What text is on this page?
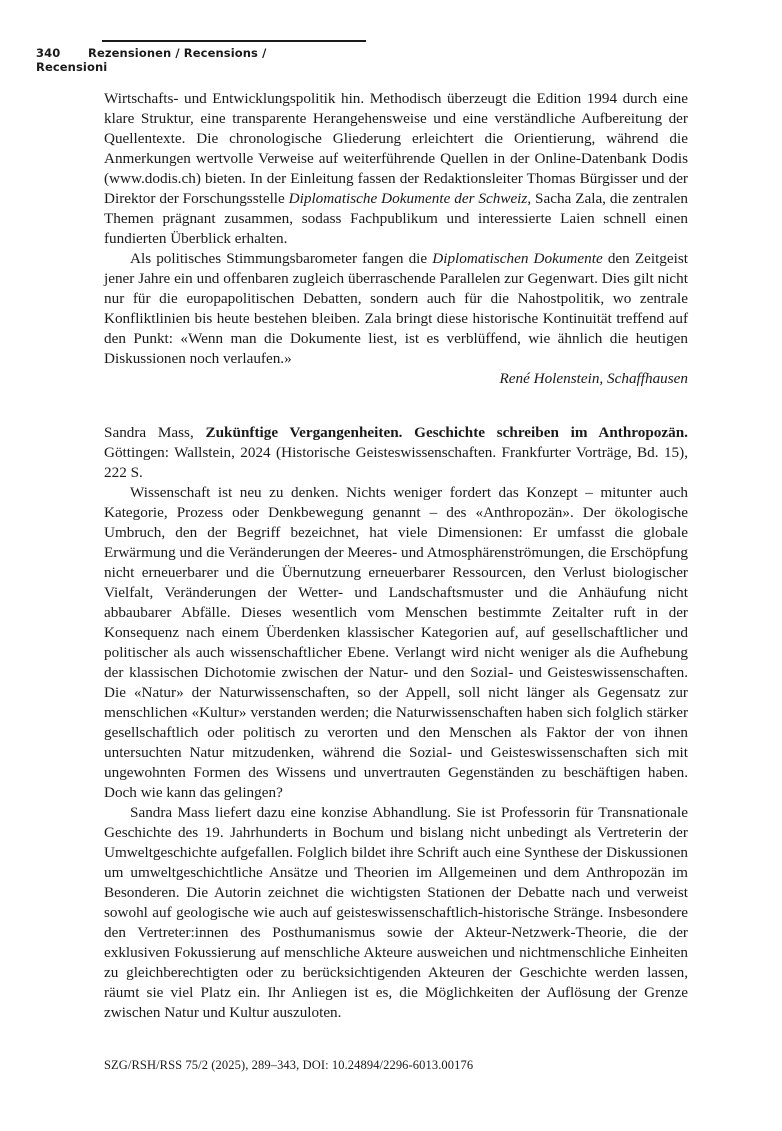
340 Rezensionen / Recensions / Recensioni

Wirtschafts- und Entwicklungspolitik hin. Methodisch überzeugt die Edition 1994 durch eine klare Struktur, eine transparente Herangehensweise und eine verständliche Aufbereitung der Quellentexte. Die chronologische Gliederung erleichtert die Orientierung, während die Anmerkungen wertvolle Verweise auf weiterführende Quellen in der Online-Datenbank Dodis (www.dodis.ch) bieten. In der Einleitung fassen der Redaktionsleiter Thomas Bürgisser und der Direktor der Forschungsstelle Diplomatische Dokumente der Schweiz, Sacha Zala, die zentralen Themen prägnant zusammen, sodass Fachpublikum und interessierte Laien schnell einen fundierten Überblick erhalten.

Als politisches Stimmungsbarometer fangen die Diplomatischen Dokumente den Zeitgeist jener Jahre ein und offenbaren zugleich überraschende Parallelen zur Gegenwart. Dies gilt nicht nur für die europapolitischen Debatten, sondern auch für die Nahostpolitik, wo zentrale Konfliktlinien bis heute bestehen bleiben. Zala bringt diese historische Kontinuität treffend auf den Punkt: «Wenn man die Dokumente liest, ist es verblüffend, wie ähnlich die heutigen Diskussionen noch verlaufen.»

René Holenstein, Schaffhausen

Sandra Mass, Zukünftige Vergangenheiten. Geschichte schreiben im Anthropozän. Göttingen: Wallstein, 2024 (Historische Geisteswissenschaften. Frankfurter Vorträge, Bd. 15), 222 S.

Wissenschaft ist neu zu denken. Nichts weniger fordert das Konzept – mitunter auch Kategorie, Prozess oder Denkbewegung genannt – des «Anthropozän». Der ökologische Umbruch, den der Begriff bezeichnet, hat viele Dimensionen: Er umfasst die globale Erwärmung und die Veränderungen der Meeres- und Atmosphärenströmungen, die Erschöpfung nicht erneuerbarer und die Übernutzung erneuerbarer Ressourcen, den Verlust biologischer Vielfalt, Veränderungen der Wetter- und Landschaftsmuster und die Anhäufung nicht abbaubarer Abfälle. Dieses wesentlich vom Menschen bestimmte Zeitalter ruft in der Konsequenz nach einem Überdenken klassischer Kategorien auf, auf gesellschaftlicher und politischer als auch wissenschaftlicher Ebene. Verlangt wird nicht weniger als die Aufhebung der klassischen Dichotomie zwischen der Natur- und den Sozial- und Geisteswissenschaften. Die «Natur» der Naturwissenschaften, so der Appell, soll nicht länger als Gegensatz zur menschlichen «Kultur» verstanden werden; die Naturwissenschaften haben sich folglich stärker gesellschaftlich oder politisch zu verorten und den Menschen als Faktor der von ihnen untersuchten Natur mitzudenken, während die Sozial- und Geisteswissenschaften sich mit ungewohnten Formen des Wissens und unvertrauten Gegenständen zu beschäftigen haben. Doch wie kann das gelingen?

Sandra Mass liefert dazu eine konzise Abhandlung. Sie ist Professorin für Transnationale Geschichte des 19. Jahrhunderts in Bochum und bislang nicht unbedingt als Vertreterin der Umweltgeschichte aufgefallen. Folglich bildet ihre Schrift auch eine Synthese der Diskussionen um umweltgeschichtliche Ansätze und Theorien im Allgemeinen und dem Anthropozän im Besonderen. Die Autorin zeichnet die wichtigsten Stationen der Debatte nach und verweist sowohl auf geologische wie auch auf geisteswissenschaftlich-historische Stränge. Insbesondere den Vertreter:innen des Posthumanismus sowie der Akteur-Netzwerk-Theorie, die der exklusiven Fokussierung auf menschliche Akteure ausweichen und nichtmenschliche Einheiten zu gleichberechtigten oder zu berücksichtigenden Akteuren der Geschichte werden lassen, räumt sie viel Platz ein. Ihr Anliegen ist es, die Möglichkeiten der Auflösung der Grenze zwischen Natur und Kultur auszuloten.

SZG/RSH/RSS 75/2 (2025), 289–343, DOI: 10.24894/2296-6013.00176
